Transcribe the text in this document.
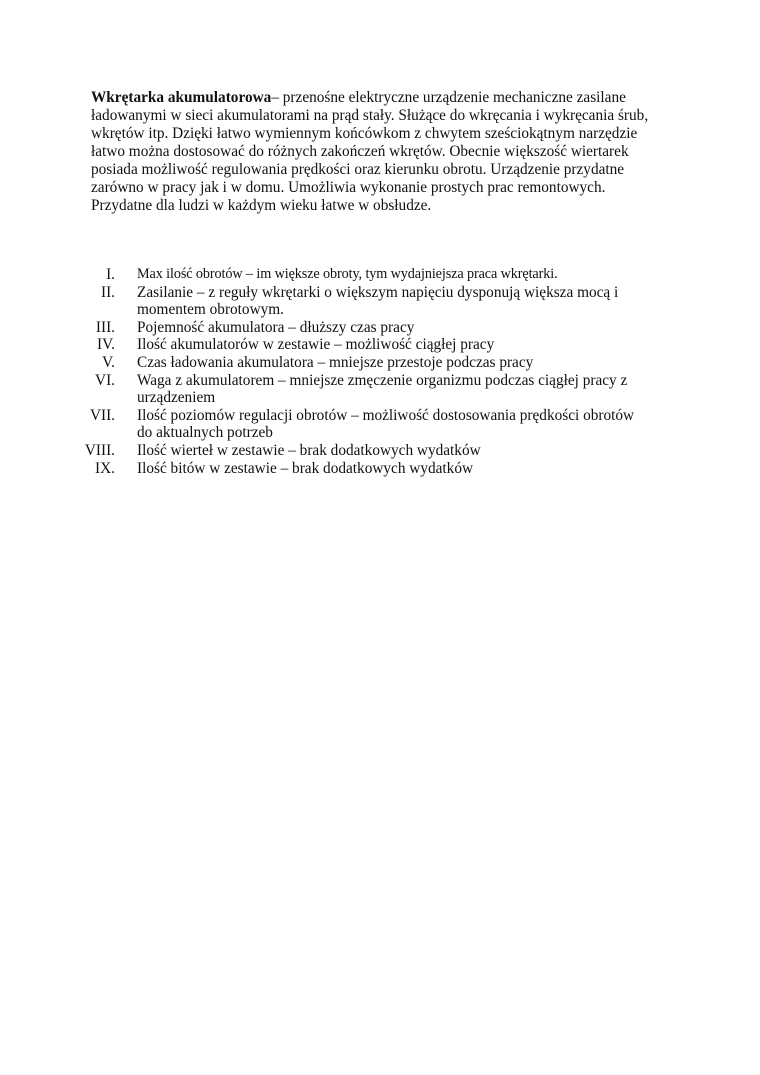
Wkrętarka akumulatorowa– przenośne elektryczne urządzenie mechaniczne zasilane ładowanymi w sieci akumulatorami na prąd stały. Służące do wkręcania i wykręcania śrub, wkrętów itp. Dzięki łatwo wymiennym końcówkom z chwytem sześciokątnym narzędzie łatwo można dostosować do różnych zakończeń wkrętów. Obecnie większość wiertarek posiada możliwość regulowania prędkości oraz kierunku obrotu. Urządzenie przydatne zarówno w pracy jak i w domu. Umożliwia wykonanie prostych prac remontowych. Przydatne dla ludzi w każdym wieku łatwe w obsłudze.

I. Max ilość obrotów – im większe obroty, tym wydajniejsza praca wkrętarki.
II. Zasilanie – z reguły wkrętarki o większym napięciu dysponują większa mocą i momentem obrotowym.
III. Pojemność akumulatora – dłuższy czas pracy
IV. Ilość akumulatorów w zestawie – możliwość ciągłej pracy
V. Czas ładowania akumulatora – mniejsze przestoje podczas pracy
VI. Waga z akumulatorem – mniejsze zmęczenie organizmu podczas ciągłej pracy z urządzeniem
VII. Ilość poziomów regulacji obrotów – możliwość dostosowania prędkości obrotów do aktualnych potrzeb
VIII. Ilość wierteł w zestawie – brak dodatkowych wydatków
IX. Ilość bitów w zestawie – brak dodatkowych wydatków
